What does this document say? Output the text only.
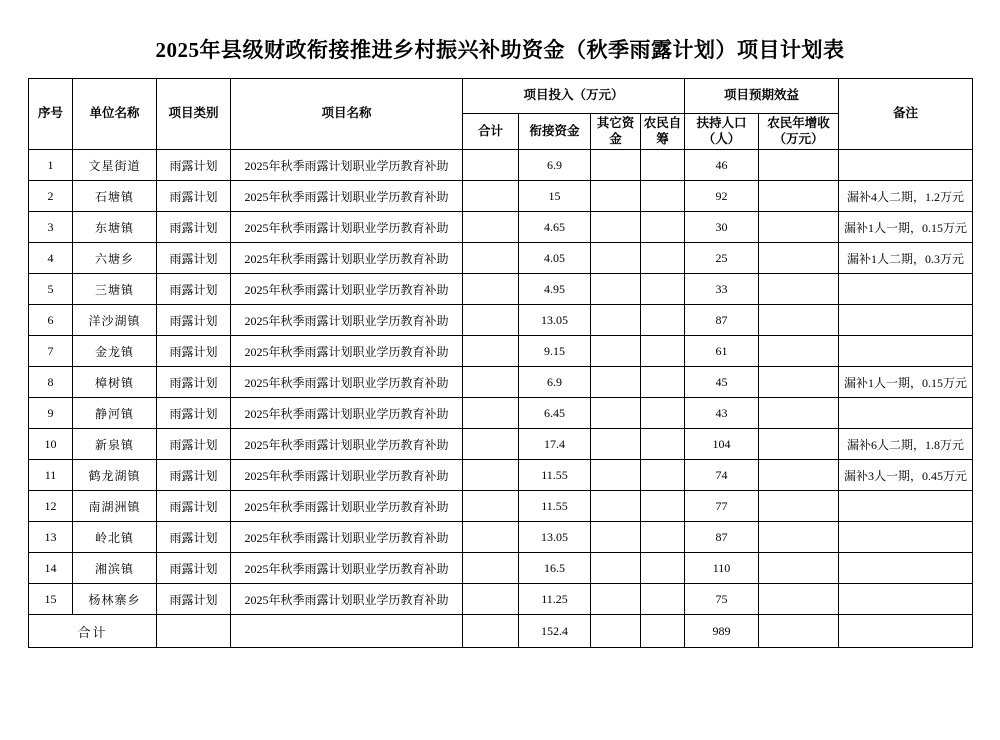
2025年县级财政衔接推进乡村振兴补助资金（秋季雨露计划）项目计划表
序号	单位名称	项目类别	项目名称	项目投入（万元）				项目预期效益		备注
				合计	衔接资金	其它资金	农民自筹	扶持人口（人）	农民年增收（万元）	
1	文星街道	雨露计划	2025年秋季雨露计划职业学历教育补助		6.9			46		
2	石塘镇	雨露计划	2025年秋季雨露计划职业学历教育补助		15			92		漏补4人二期，1.2万元
3	东塘镇	雨露计划	2025年秋季雨露计划职业学历教育补助		4.65			30		漏补1人一期，0.15万元
4	六塘乡	雨露计划	2025年秋季雨露计划职业学历教育补助		4.05			25		漏补1人二期，0.3万元
5	三塘镇	雨露计划	2025年秋季雨露计划职业学历教育补助		4.95			33		
6	洋沙湖镇	雨露计划	2025年秋季雨露计划职业学历教育补助		13.05			87		
7	金龙镇	雨露计划	2025年秋季雨露计划职业学历教育补助		9.15			61		
8	樟树镇	雨露计划	2025年秋季雨露计划职业学历教育补助		6.9			45		漏补1人一期，0.15万元
9	静河镇	雨露计划	2025年秋季雨露计划职业学历教育补助		6.45			43		
10	新泉镇	雨露计划	2025年秋季雨露计划职业学历教育补助		17.4			104		漏补6人二期，1.8万元
11	鹤龙湖镇	雨露计划	2025年秋季雨露计划职业学历教育补助		11.55			74		漏补3人一期，0.45万元
12	南湖洲镇	雨露计划	2025年秋季雨露计划职业学历教育补助		11.55			77		
13	岭北镇	雨露计划	2025年秋季雨露计划职业学历教育补助		13.05			87		
14	湘滨镇	雨露计划	2025年秋季雨露计划职业学历教育补助		16.5			110		
15	杨林寨乡	雨露计划	2025年秋季雨露计划职业学历教育补助		11.25			75		
合计					152.4			989		
